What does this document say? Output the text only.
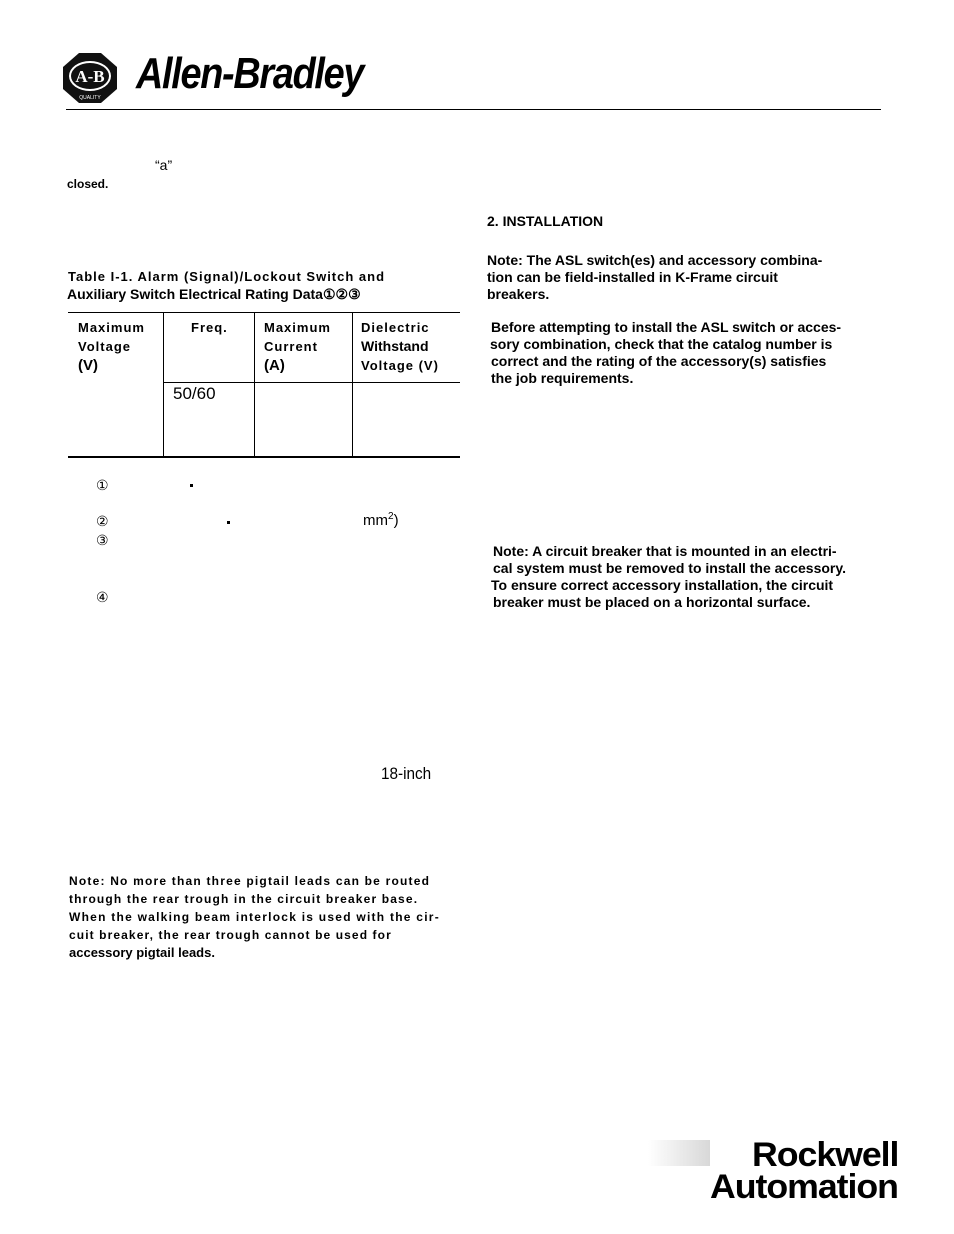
A-B
QUALITY Allen-Bradley
“a”
closed.
Table I-1. Alarm (Signal)/Lockout Switch and
Auxiliary Switch Electrical Rating Data①②③
Maximum
Voltage
(V)
Freq.	Maximum
Current
(A)
Dielectric
Withstand
Voltage (V)
50/60
①
②	$mm^2$)
③
④
18-inch
Note: No more than three pigtail leads can be routed
through the rear trough in the circuit breaker base.
When the walking beam interlock is used with the cir-
cuit breaker, the rear trough cannot be used for
accessory pigtail leads.
2. INSTALLATION
Note: The ASL switch(es) and accessory combina-
tion can be field-installed in K-Frame circuit
breakers.
Before attempting to install the ASL switch or acces-
sory combination, check that the catalog number is
correct and the rating of the accessory(s) satisfies
the job requirements.
Note: A circuit breaker that is mounted in an electri-
cal system must be removed to install the accessory.
To ensure correct accessory installation, the circuit
breaker must be placed on a horizontal surface.
Rockwell
Automation
